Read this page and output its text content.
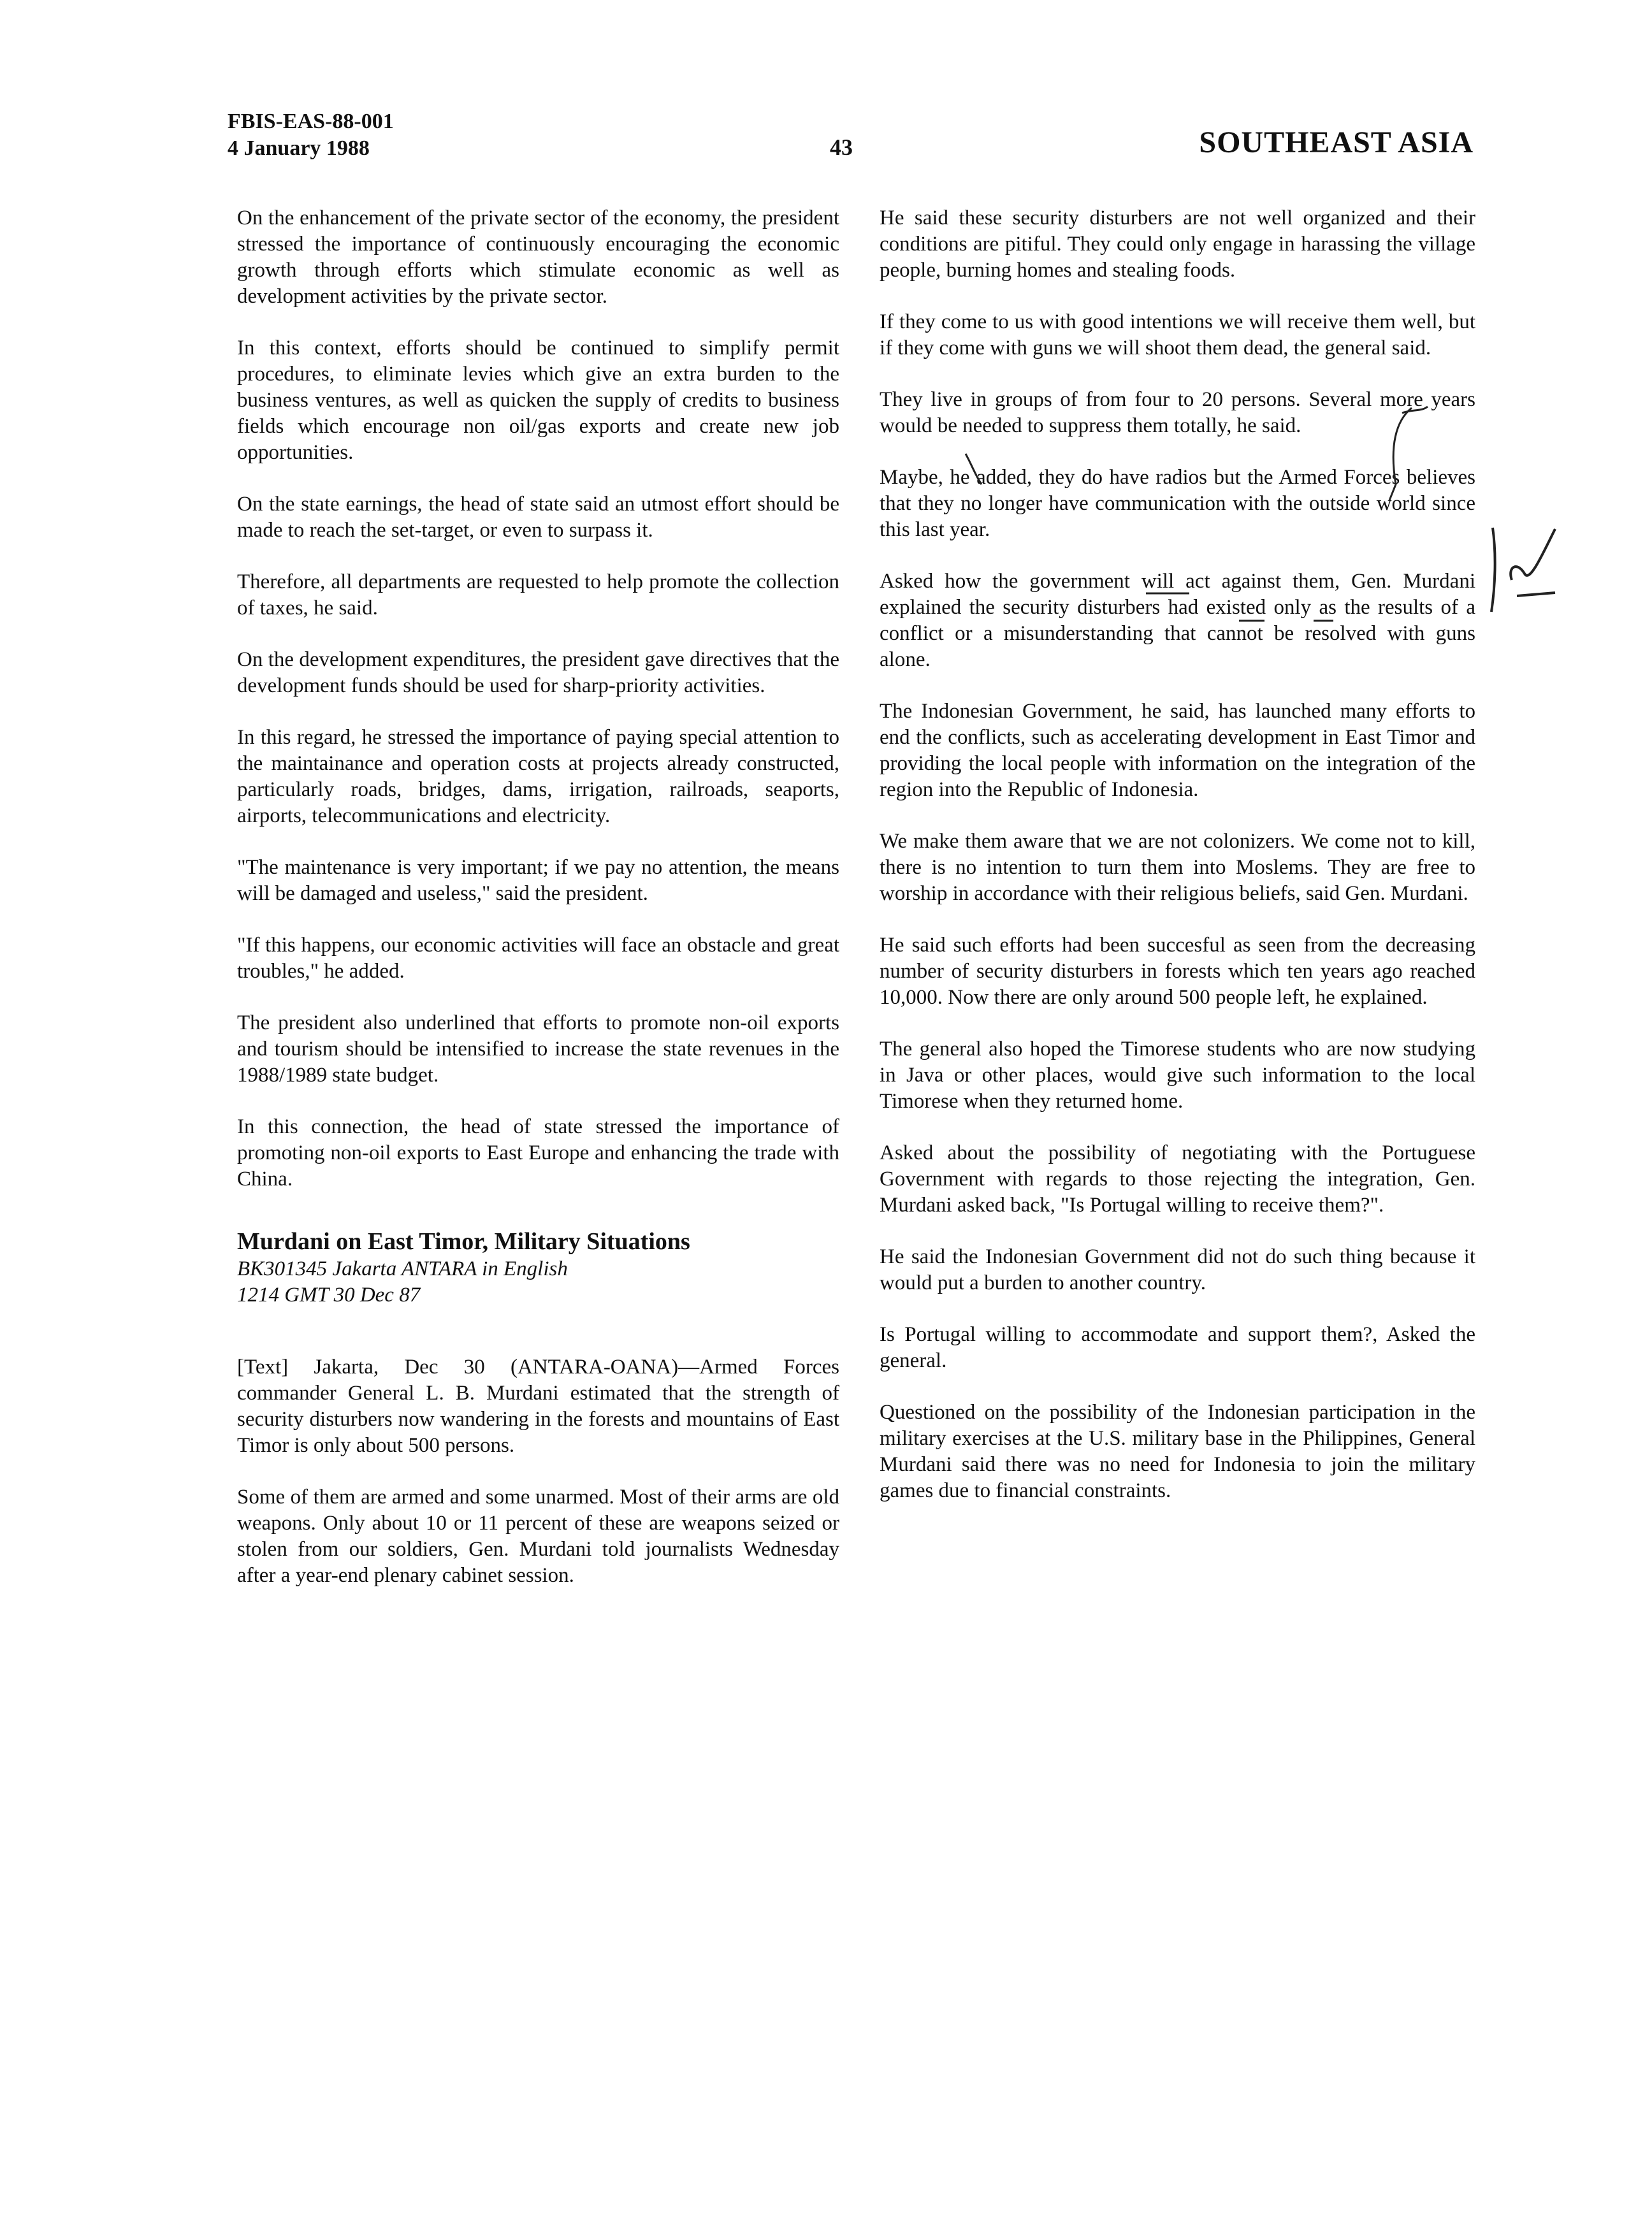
FBIS-EAS-88-001
4 January 1988	43	SOUTHEAST ASIA

On the enhancement of the private sector of the economy, the president stressed the importance of continuously encouraging the economic growth through efforts which stimulate economic as well as development activities by the private sector.

In this context, efforts should be continued to simplify permit procedures, to eliminate levies which give an extra burden to the business ventures, as well as quicken the supply of credits to business fields which encourage non oil/gas exports and create new job opportunities.

On the state earnings, the head of state said an utmost effort should be made to reach the set-target, or even to surpass it.

Therefore, all departments are requested to help promote the collection of taxes, he said.

On the development expenditures, the president gave directives that the development funds should be used for sharp-priority activities.

In this regard, he stressed the importance of paying special attention to the maintainance and operation costs at projects already constructed, particularly roads, bridges, dams, irrigation, railroads, seaports, airports, telecommunications and electricity.

"The maintenance is very important; if we pay no attention, the means will be damaged and useless," said the president.

"If this happens, our economic activities will face an obstacle and great troubles," he added.

The president also underlined that efforts to promote non-oil exports and tourism should be intensified to increase the state revenues in the 1988/1989 state budget.

In this connection, the head of state stressed the importance of promoting non-oil exports to East Europe and enhancing the trade with China.

Murdani on East Timor, Military Situations
BK301345 Jakarta ANTARA in English
1214 GMT 30 Dec 87

[Text] Jakarta, Dec 30 (ANTARA-OANA)—Armed Forces commander General L. B. Murdani estimated that the strength of security disturbers now wandering in the forests and mountains of East Timor is only about 500 persons.

Some of them are armed and some unarmed. Most of their arms are old weapons. Only about 10 or 11 percent of these are weapons seized or stolen from our soldiers, Gen. Murdani told journalists Wednesday after a year-end plenary cabinet session.

He said these security disturbers are not well organized and their conditions are pitiful. They could only engage in harassing the village people, burning homes and stealing foods.

If they come to us with good intentions we will receive them well, but if they come with guns we will shoot them dead, the general said.

They live in groups of from four to 20 persons. Several more years would be needed to suppress them totally, he said.

Maybe, he added, they do have radios but the Armed Forces believes that they no longer have communication with the outside world since this last year.

Asked how the government will act against them, Gen. Murdani explained the security disturbers had existed only as the results of a conflict or a misunderstanding that cannot be resolved with guns alone.

The Indonesian Government, he said, has launched many efforts to end the conflicts, such as accelerating development in East Timor and providing the local people with information on the integration of the region into the Republic of Indonesia.

We make them aware that we are not colonizers. We come not to kill, there is no intention to turn them into Moslems. They are free to worship in accordance with their religious beliefs, said Gen. Murdani.

He said such efforts had been succesful as seen from the decreasing number of security disturbers in forests which ten years ago reached 10,000. Now there are only around 500 people left, he explained.

The general also hoped the Timorese students who are now studying in Java or other places, would give such information to the local Timorese when they returned home.

Asked about the possibility of negotiating with the Portuguese Government with regards to those rejecting the integration, Gen. Murdani asked back, "Is Portugal willing to receive them?".

He said the Indonesian Government did not do such thing because it would put a burden to another country.

Is Portugal willing to accommodate and support them?, Asked the general.

Questioned on the possibility of the Indonesian participation in the military exercises at the U.S. military base in the Philippines, General Murdani said there was no need for Indonesia to join the military games due to financial constraints.
